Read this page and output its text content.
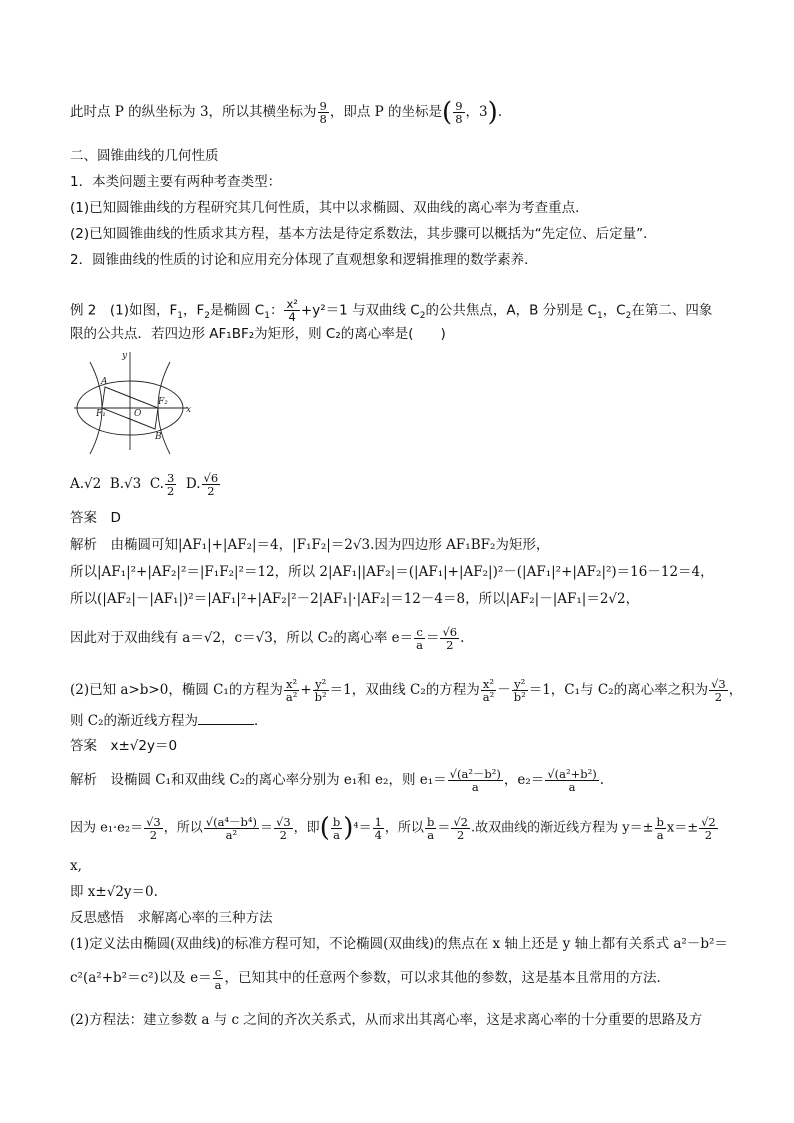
此时点 P 的纵坐标为 3，所以其横坐标为 $\frac{9}{8}$ ，即点 P 的坐标是( $\frac{9}{8}$ ，3).
二、圆锥曲线的几何性质
1．本类问题主要有两种考查类型：
(1)已知圆锥曲线的方程研究其几何性质，其中以求椭圆、双曲线的离心率为考查重点．
(2)已知圆锥曲线的性质求其方程，基本方法是待定系数法，其步骤可以概括为“先定位、后定量”．
2．圆锥曲线的性质的讨论和应用充分体现了直观想象和逻辑推理的数学素养．
例 2　(1)如图，$F_1$，$F_2$是椭圆 $C_1$： $\frac{\text{x²}}{4} +y^2=1$ 与双曲线 $C_2$的公共焦点，A，B 分别是 $C_1$，$C_2$在第二、四象
限的公共点．若四边形 AF₁BF₂为矩形，则 C₂的离心率是(　　)
y
x
A
B
O
F₁
F₂
A.√2 B.√3 C. $\frac{3}{2} D$. $\frac{√6}{2}$
答案　D
解析　由椭圆可知|AF₁|+|AF₂|＝4，|F₁F₂|＝2√3.因为四边形 AF₁BF₂为矩形，
所以|AF₁|²+|AF₂|²＝|F₁F₂|²＝12，所以 2|AF₁||AF₂|＝(|AF₁|+|AF₂|)²－(|AF₁|²+|AF₂|²)＝16－12＝4，
所以(|AF₂|－|AF₁|)²＝|AF₁|²+|AF₂|²－2|AF₁|·|AF₂|＝12－4＝8，所以|AF₂|－|AF₁|＝2√2，
因此对于双曲线有 a＝√2，c＝√3，所以 C₂的离心率 $e= \frac{c}{a} = \frac{√6}{2}$ .
(2)已知 a>b>0，椭圆 C₁的方程为 $\frac{\text{x²}}{\text{a²}} + \frac{\text{y²}}{\text{b²}} =1$，双曲线 C₂的方程为 $\frac{\text{x²}}{\text{a²}} - \frac{\text{y²}}{\text{b²}} =1$，C₁与 C₂的离心率之积为 $\frac{√3}{2}$ ，
则 C₂的渐近线方程为	．
答案　x±√2y＝0
解析　设椭圆 C₁和双曲线 C₂的离心率分别为 e₁和 e₂，则 $e_1= \frac{\text{√(a²－b²)}}{a}$ ，$e_2= \frac{\text{√(a²+b²)}}{a}$ .
因为 $e_1\cdot e_2= \frac{√3}{2}$ ，所以 $\frac{\text{√(a⁴－b⁴)}}{\text{a²}} = \frac{√3}{2}$ ，即( $\frac{b}{a} )^4= \frac{1}{4}$ ，所以 $\frac{b}{a} = \frac{√2}{2}$ .故双曲线的渐近线方程为 $y=\pm \frac{b}{a} x=\pm \frac{√2}{2}$
x,
即 x±√2y＝0.
反思感悟　求解离心率的三种方法
(1)定义法由椭圆(双曲线)的标准方程可知，不论椭圆(双曲线)的焦点在 x 轴上还是 y 轴上都有关系式 a²－b²＝
c²(a²+b²＝c²)以及 $e= \frac{c}{a}$ ，已知其中的任意两个参数，可以求其他的参数，这是基本且常用的方法．
(2)方程法：建立参数 a 与 c 之间的齐次关系式，从而求出其离心率，这是求离心率的十分重要的思路及方
